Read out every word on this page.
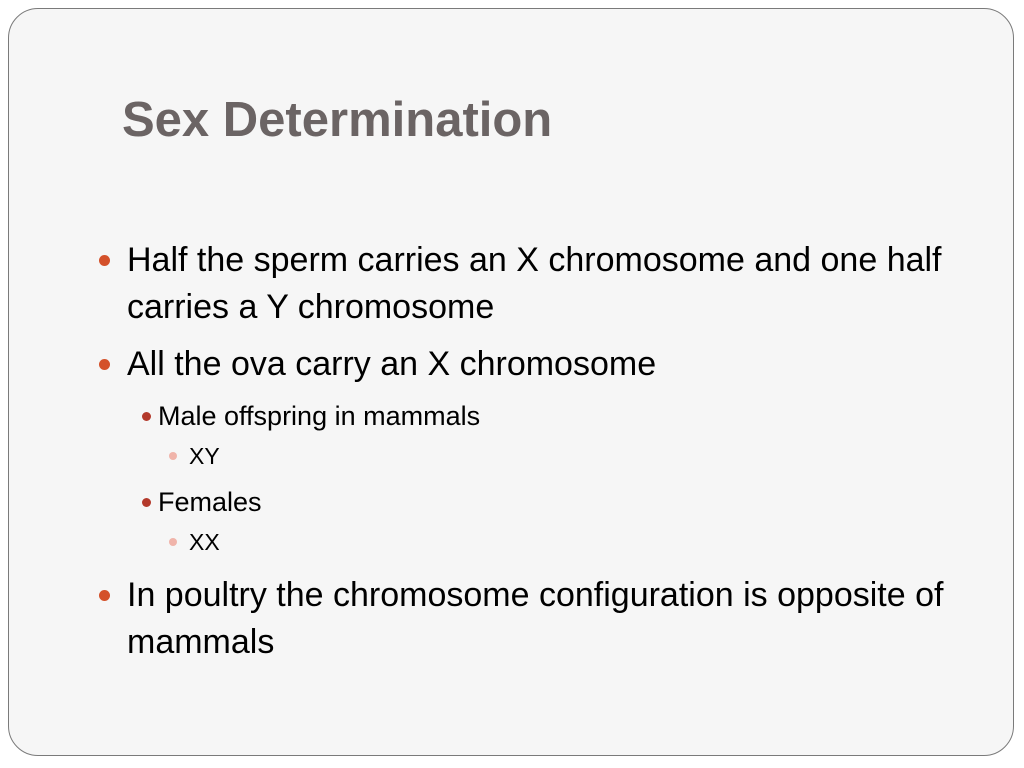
Sex Determination
Half the sperm carries an X chromosome and one half carries a Y chromosome
All the ova carry an X chromosome
Male offspring in mammals
XY
Females
XX
In poultry the chromosome configuration is opposite of mammals
